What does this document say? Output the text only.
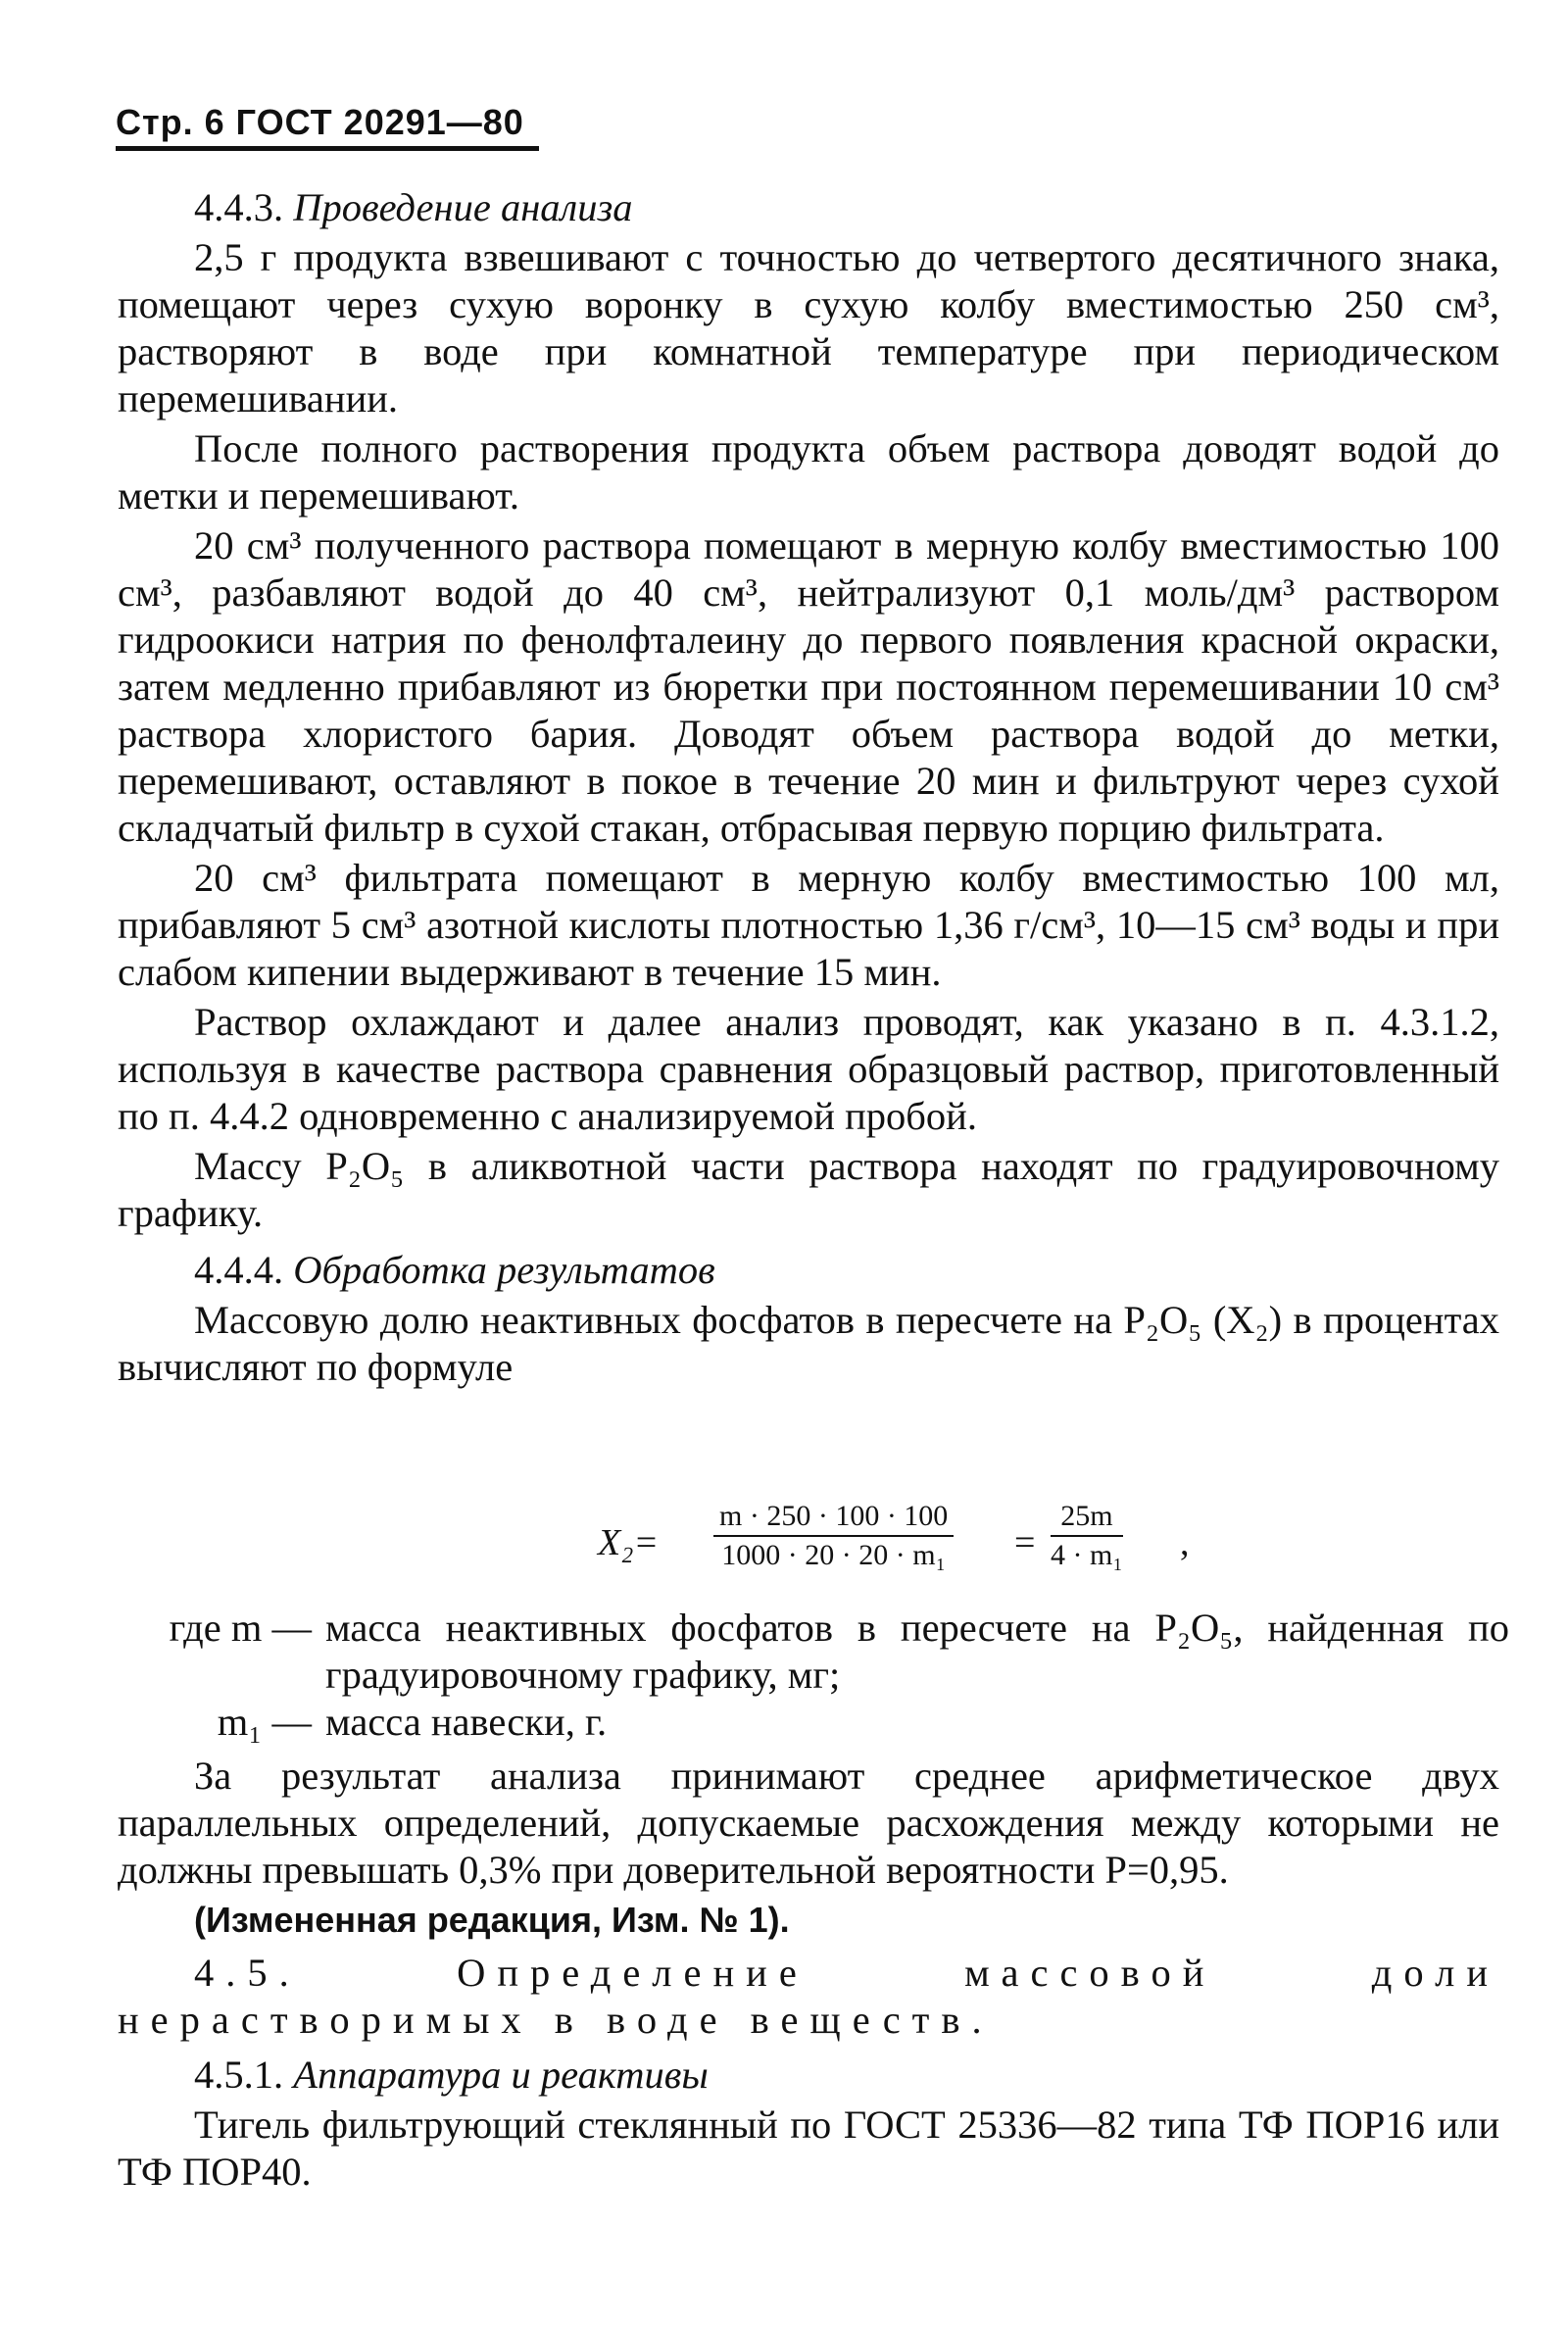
Стр. 6 ГОСТ 20291—80
4.4.3. Проведение анализа
2,5 г продукта взвешивают с точностью до четвертого десятичного знака, помещают через сухую воронку в сухую колбу вместимостью 250 см³, растворяют в воде при комнатной температуре при периодическом перемешивании.
После полного растворения продукта объем раствора доводят водой до метки и перемешивают.
20 см³ полученного раствора помещают в мерную колбу вместимостью 100 см³, разбавляют водой до 40 см³, нейтрализуют 0,1 моль/дм³ раствором гидроокиси натрия по фенолфталеину до первого появления красной окраски, затем медленно прибавляют из бюретки при постоянном перемешивании 10 см³ раствора хлористого бария. Доводят объем раствора водой до метки, перемешивают, оставляют в покое в течение 20 мин и фильтруют через сухой складчатый фильтр в сухой стакан, отбрасывая первую порцию фильтрата.
20 см³ фильтрата помещают в мерную колбу вместимостью 100 мл, прибавляют 5 см³ азотной кислоты плотностью 1,36 г/см³, 10—15 см³ воды и при слабом кипении выдерживают в течение 15 мин.
Раствор охлаждают и далее анализ проводят, как указано в п. 4.3.1.2, используя в качестве раствора сравнения образцовый раствор, приготовленный по п. 4.4.2 одновременно с анализируемой пробой.
Массу P₂O₅ в аликвотной части раствора находят по градуировочному графику.
4.4.4. Обработка результатов
Массовую долю неактивных фосфатов в пересчете на P₂O₅ (X₂) в процентах вычисляют по формуле
$X_2= \frac{m \cdot 250 \cdot 100 \cdot 100}{\text{1000 · 20 · 20 · m₁}} = \frac{25m}{\text{4 · m₁}}$ ,
где m — масса неактивных фосфатов в пересчете на P₂O₅, найденная по градуировочному графику, мг;
m₁ — масса навески, г.
За результат анализа принимают среднее арифметическое двух параллельных определений, допускаемые расхождения между которыми не должны превышать 0,3% при доверительной вероятности P=0,95.
(Измененная редакция, Изм. № 1).
4.5. Определение массовой доли нерастворимых в воде веществ.
4.5.1. Аппаратура и реактивы
Тигель фильтрующий стеклянный по ГОСТ 25336—82 типа ТФ ПОР16 или ТФ ПОР40.
